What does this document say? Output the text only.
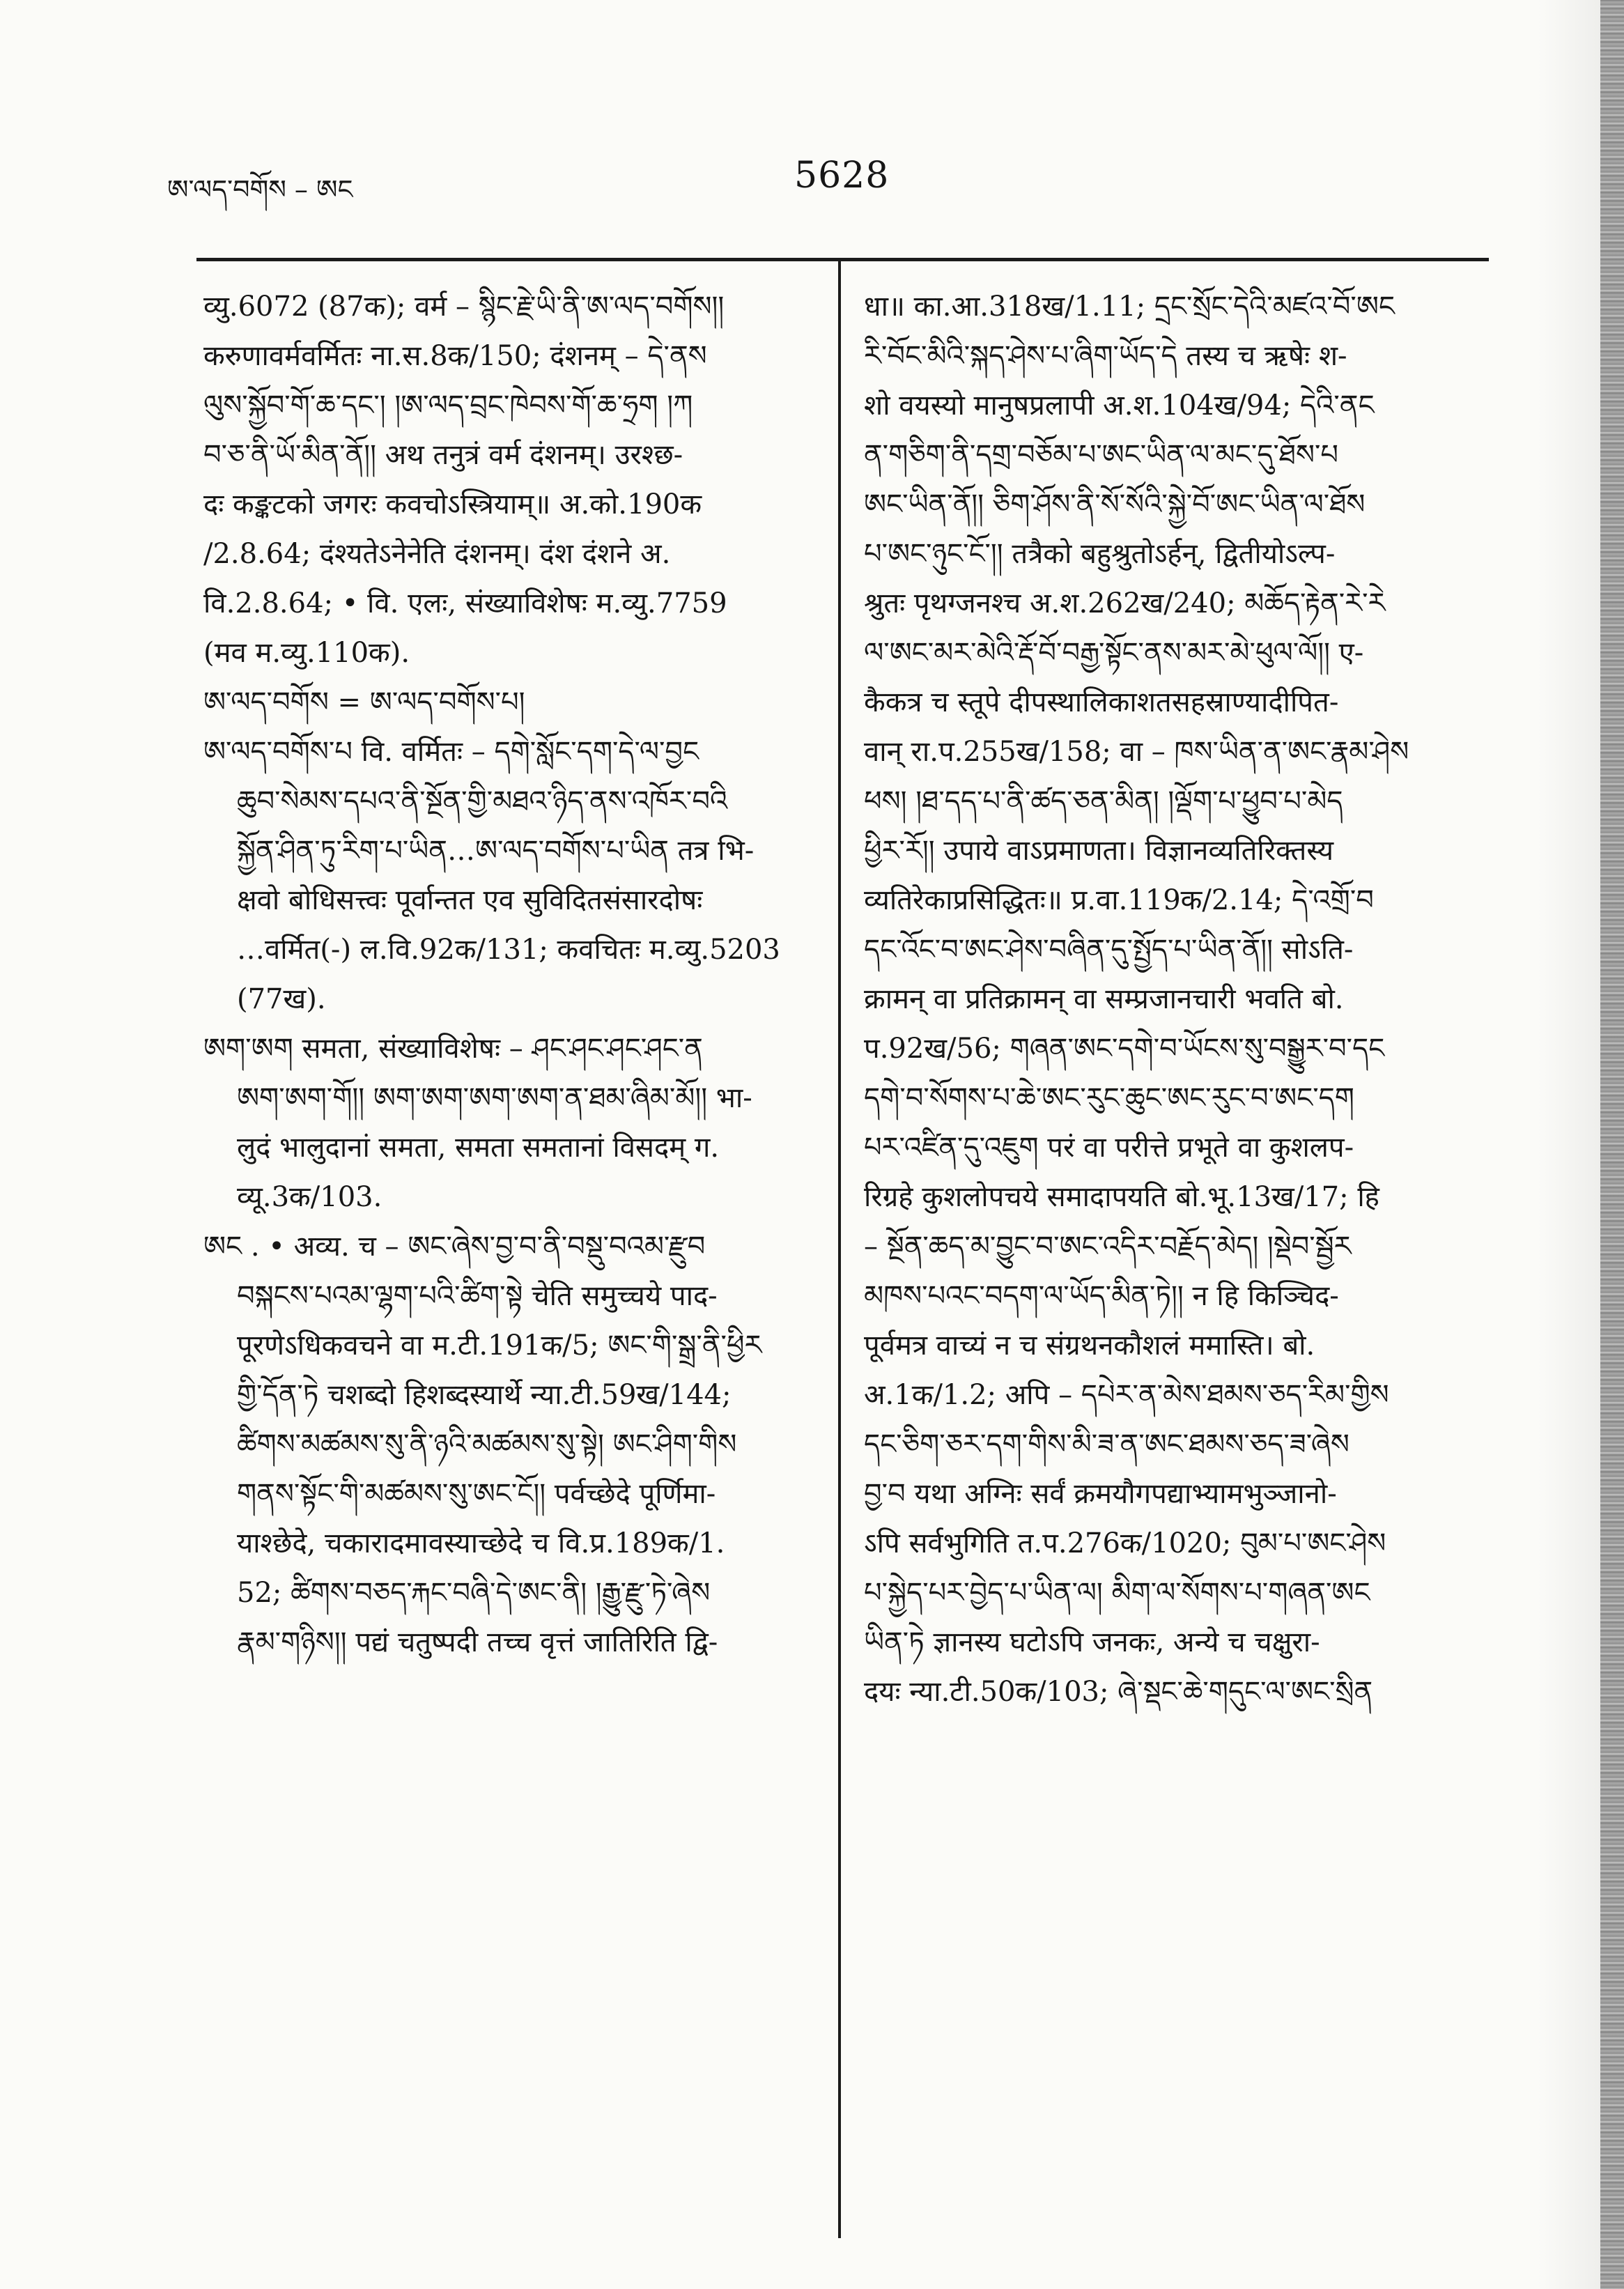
ཨ་ལད་བགོས – ཨང	5628
व्यु.6072 (87क); वर्म – སྙིང་རྗེ་ཡི་ནི་ཨ་ལད་བགོས།།
करुणावर्मवर्मितः ना.स.8क/150; दंशनम् – དེ་ནས
ལུས་སྐྱོབ་གོ་ཆ་དང་། །ཨ་ལད་བྲང་ཁེབས་གོ་ཆ་ཧྲག །ཀ
བ་ཅ་ནི་ཡོ་མིན་ནོ།། अथ तनुत्रं वर्म दंशनम्। उरश्छ-
दः कङ्कटको जगरः कवचोऽस्त्रियाम्॥ अ.को.190क
/2.8.64; दंश्यतेऽनेनेति दंशनम्। दंश दंशने अ.
वि.2.8.64; • वि. एलः, संख्याविशेषः म.व्यु.7759
(मव म.व्यु.110क).
ཨ་ལད་བགོས = ཨ་ལད་བགོས་པ།
ཨ་ལད་བགོས་པ वि. वर्मितः – དགེ་སློང་དག་དེ་ལ་བྱང
ཆུབ་སེམས་དཔའ་ནི་སྔོན་གྱི་མཐའ་ཉིད་ནས་འཁོར་བའི
སྐྱོན་ཤིན་ཏུ་རིག་པ་ཡིན…ཨ་ལད་བགོས་པ་ཡིན तत्र भि-
क्षवो बोधिसत्त्वः पूर्वान्तत एव सुविदितसंसारदोषः
…वर्मित(-) ल.वि.92क/131; कवचितः म.व्यु.5203
(77ख).
ཨག་ཨག समता, संख्याविशेषः – ཤང་ཤང་ཤང་ཤང་ན
ཨག་ཨག་གོ།། ཨག་ཨག་ཨག་ཨག་ན་ཐམ་ཞིམ་མོ།། भा-
लुदं भालुदानां समता, समता समतानां विसदम् ग.
व्यू.3क/103.
ཨང . • अव्य. च – ཨང་ཞེས་བྱ་བ་ནི་བསྡུ་བའམ་རྫུབ
བསྐངས་པའམ་ལྷག་པའི་ཚིག་སྟེ चेति समुच्चये पाद-
पूरणेऽधिकवचने वा म.टी.191क/5; ཨང་གི་སྒྲ་ནི་ཕྱིར
གྱི་དོན་ཏེ चशब्दो हिशब्दस्यार्थे न्या.टी.59ख/144;
ཚིགས་མཚམས་སུ་ནི་ཉའི་མཚམས་སུ་སྟེ། ཨང་ཤིག་གིས
གནས་སྟོང་གི་མཚམས་སུ་ཨང་ངོ།། पर्वच्छेदे पूर्णिमा-
याश्छेदे, चकारादमावस्याच्छेदे च वि.प्र.189क/1.
52; ཚིགས་བཅད་རྐང་བཞི་དེ་ཨང་ནི། །རྒྱུ་རྫུ་ཏེ་ཞེས
རྣམ་གཉིས།། पद्यं चतुष्पदी तच्च वृत्तं जातिरिति द्वि-
धा॥ का.आ.318ख/1.11; དྲང་སྲོང་དེའི་མཛའ་བོ་ཨང
རི་བོང་མིའི་སྐད་ཤེས་པ་ཞིག་ཡོད་དེ तस्य च ऋषेः श-
शो वयस्यो मानुषप्रलापी अ.श.104ख/94; དེའི་ནང
ན་གཅིག་ནི་དགྲ་བཅོམ་པ་ཨང་ཡིན་ལ་མང་དུ་ཐོས་པ
ཨང་ཡིན་ནོ།། ཅིག་ཤོས་ནི་སོ་སོའི་སྐྱེ་བོ་ཨང་ཡིན་ལ་ཐོས
པ་ཨང་ཉུང་ངོ་།། तत्रैको बहुश्रुतोऽर्हन्, द्वितीयोऽल्प-
श्रुतः पृथग्जनश्च अ.श.262ख/240; མཆོད་རྟེན་རེ་རེ
ལ་ཨང་མར་མེའི་རྡོ་བོ་བརྒྱ་སྟོང་ནས་མར་མེ་ཕུལ་ལོ།། ए-
कैकत्र च स्तूपे दीपस्थालिकाशतसहस्राण्यादीपित-
वान् रा.प.255ख/158; वा – ཁས་ཡིན་ན་ཨང་རྣམ་ཤེས
ཕས། །ཐ་དད་པ་ནི་ཚད་ཅན་མིན། །ལྡོག་པ་ཕྱུབ་པ་མེད
ཕྱིར་རོ།། उपाये वाऽप्रमाणता। विज्ञानव्यतिरिक्तस्य
व्यतिरेकाप्रसिद्धितः॥ प्र.वा.119क/2.14; དེ་འགྲོ་བ
དང་འོང་བ་ཨང་ཤེས་བཞིན་དུ་སྤྱོད་པ་ཡིན་ནོ།། सोऽति-
क्रामन् वा प्रतिक्रामन् वा सम्प्रजानचारी भवति बो.
प.92ख/56; གཞན་ཨང་དགེ་བ་ཡོངས་སུ་བསྒྱུར་བ་དང
དགེ་བ་སོགས་པ་ཆེ་ཨང་རུང་ཆུང་ཨང་རུང་བ་ཨང་དག
པར་འཛིན་དུ་འཇུག परं वा परीत्ते प्रभूते वा कुशलप-
रिग्रहे कुशलोपचये समादापयति बो.भू.13ख/17; हि
– སྔོན་ཆད་མ་བྱུང་བ་ཨང་འདིར་བརྗོད་མེད། །སྡེབ་སྦྱོར
མཁས་པའང་བདག་ལ་ཡོད་མིན་ཏེ།། न हि किञ्चिद-
पूर्वमत्र वाच्यं न च संग्रथनकौशलं ममास्ति। बो.
अ.1क/1.2; अपि – དཔེར་ན་མེས་ཐམས་ཅད་རིམ་གྱིས
དང་ཅིག་ཅར་དག་གིས་མི་ཟ་ན་ཨང་ཐམས་ཅད་ཟ་ཞེས
བྱ་བ यथा अग्निः सर्वं क्रमयौगपद्याभ्यामभुञ्जानो-
ऽपि सर्वभुगिति त.प.276क/1020; བུམ་པ་ཨང་ཤེས
པ་སྐྱེད་པར་བྱེད་པ་ཡིན་ལ། མིག་ལ་སོགས་པ་གཞན་ཨང
ཡིན་ཏེ ज्ञानस्य घटोऽपि जनकः, अन्ये च चक्षुरा-
दयः न्या.टी.50क/103; ཞེ་སྡང་ཆེ་གདུང་ལ་ཨང་སྲིན
